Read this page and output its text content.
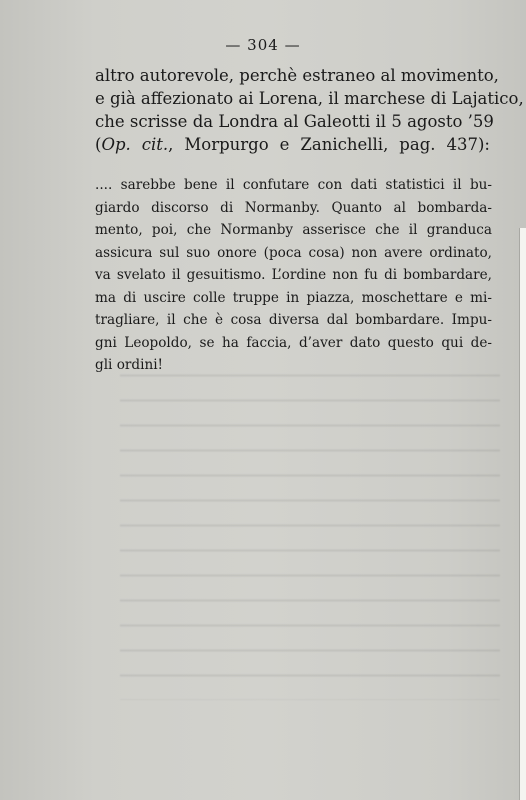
— 304 —
altro autorevole, perchè estraneo al movimento,
e già affezionato ai Lorena, il marchese di Lajatico,
che scrisse da Londra al Galeotti il 5 agosto ’59
(Op. cit., Morpurgo e Zanichelli, pag. 437):
.... sarebbe bene il confutare con dati statistici il bu-
giardo discorso di Normanby. Quanto al bombarda-
mento, poi, che Normanby asserisce che il granduca
assicura sul suo onore (poca cosa) non avere ordinato,
va svelato il gesuitismo. L’ordine non fu di bombardare,
ma di uscire colle truppe in piazza, moschettare e mi-
tragliare, il che è cosa diversa dal bombardare. Impu-
gni Leopoldo, se ha faccia, d’aver dato questo qui de-
gli ordini!
